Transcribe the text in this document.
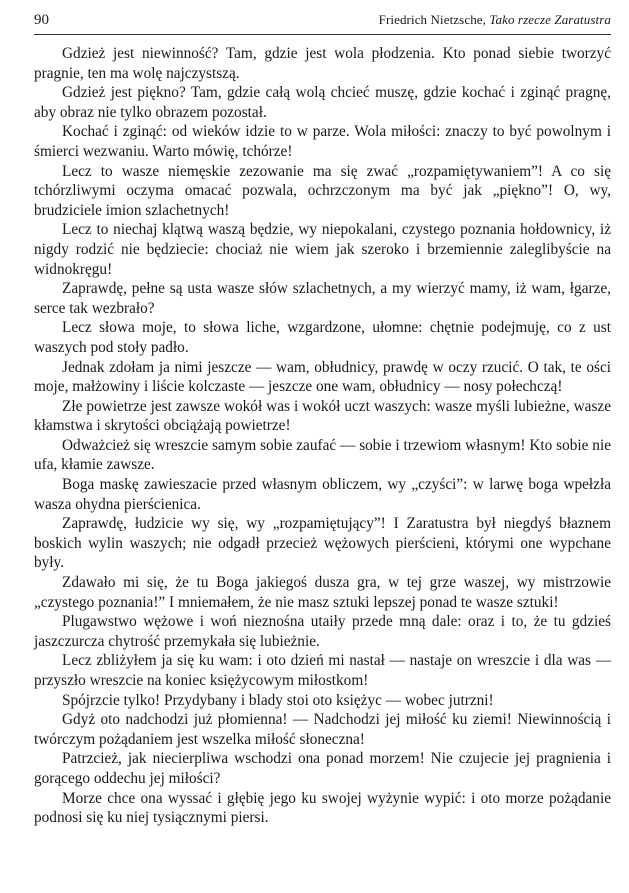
90	Friedrich Nietzsche, Tako rzecze Zaratustra

Gdzież jest niewinność? Tam, gdzie jest wola płodzenia. Kto ponad siebie tworzyć pragnie, ten ma wolę najczystszą.

Gdzież jest piękno? Tam, gdzie całą wolą chcieć muszę, gdzie kochać i zginąć pragnę, aby obraz nie tylko obrazem pozostał.

Kochać i zginąć: od wieków idzie to w parze. Wola miłości: znaczy to być powolnym i śmierci wezwaniu. Warto mówię, tchórze!

Lecz to wasze niemęskie zezowanie ma się zwać „rozpamiętywaniem”! A co się tchórzliwymi oczyma omacać pozwala, ochrzczonym ma być jak „piękno”! O, wy, brudziciele imion szlachetnych!

Lecz to niechaj klątwą waszą będzie, wy niepokalani, czystego poznania hołdownicy, iż nigdy rodzić nie będziecie: chociaż nie wiem jak szeroko i brzemiennie zaleglibyście na widnokręgu!

Zaprawdę, pełne są usta wasze słów szlachetnych, a my wierzyć mamy, iż wam, łgarze, serce tak wezbrało?

Lecz słowa moje, to słowa liche, wzgardzone, ułomne: chętnie podejmuję, co z ust waszych pod stoły padło.

Jednak zdołam ja nimi jeszcze — wam, obłudnicy, prawdę w oczy rzucić. O tak, te ości moje, małżowiny i liście kolczaste — jeszcze one wam, obłudnicy — nosy połechczą!

Złe powietrze jest zawsze wokół was i wokół uczt waszych: wasze myśli lubieżne, wasze kłamstwa i skrytości obciążają powietrze!

Odważcież się wreszcie samym sobie zaufać — sobie i trzewiom własnym! Kto sobie nie ufa, kłamie zawsze.

Boga maskę zawieszacie przed własnym obliczem, wy „czyści”: w larwę boga wpełzła wasza ohydna pierścienica.

Zaprawdę, łudzicie wy się, wy „rozpamiętujący”! I Zaratustra był niegdyś błaznem boskich wylin waszych; nie odgadł przecież wężowych pierścieni, którymi one wypchane były.

Zdawało mi się, że tu Boga jakiegoś dusza gra, w tej grze waszej, wy mistrzowie „czystego poznania!” I mniemałem, że nie masz sztuki lepszej ponad te wasze sztuki!

Plugawstwo wężowe i woń nieznośna utaiły przede mną dale: oraz i to, że tu gdzieś jaszczurcza chytrość przemykała się lubieżnie.

Lecz zbliżyłem ja się ku wam: i oto dzień mi nastał — nastaje on wreszcie i dla was — przyszło wreszcie na koniec księżycowym miłostkom!

Spójrzcie tylko! Przydybany i blady stoi oto księżyc — wobec jutrzni!

Gdyż oto nadchodzi już płomienna! — Nadchodzi jej miłość ku ziemi! Niewinnością i twórczym pożądaniem jest wszelka miłość słoneczna!

Patrzcież, jak niecierpliwa wschodzi ona ponad morzem! Nie czujecie jej pragnienia i gorącego oddechu jej miłości?

Morze chce ona wyssać i głębię jego ku swojej wyżynie wypić: i oto morze pożądanie podnosi się ku niej tysiącznymi piersi.
